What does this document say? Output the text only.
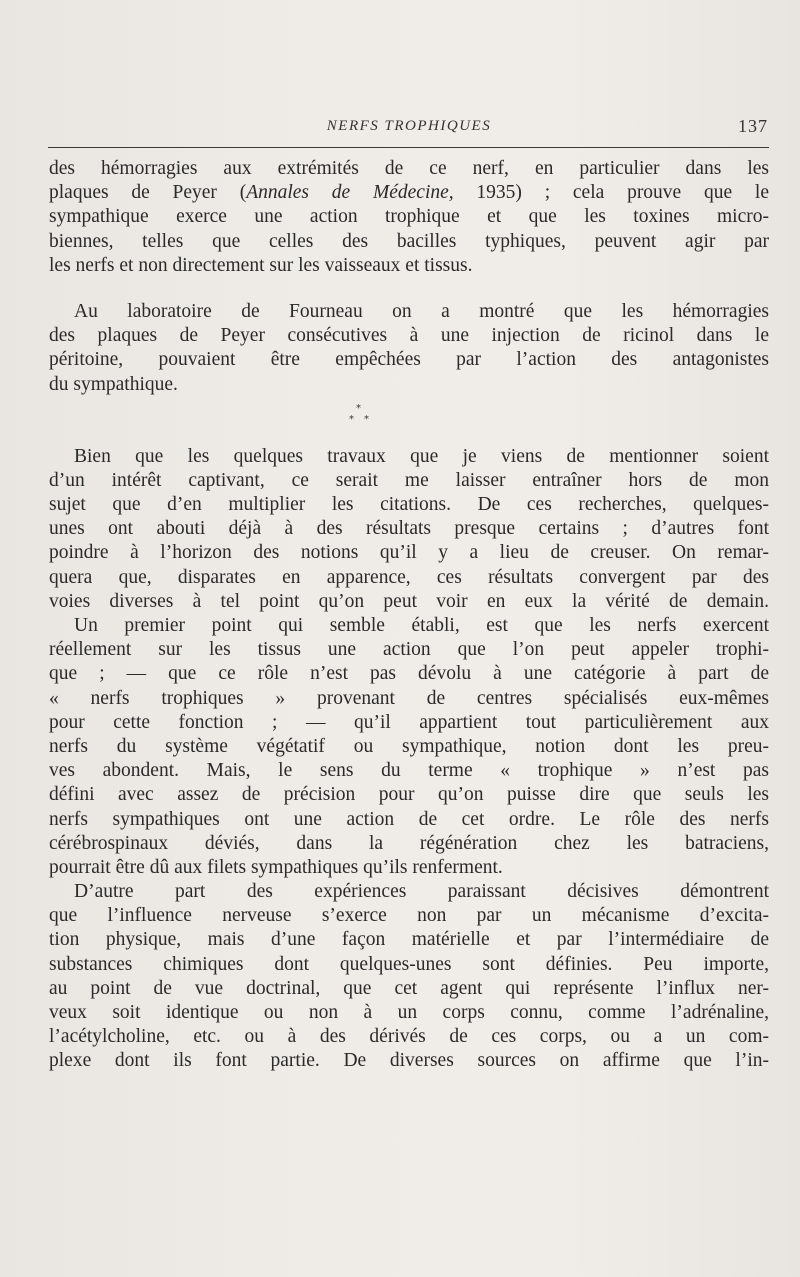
NERFS TROPHIQUES	137
des hémorragies aux extrémités de ce nerf, en particulier dans les
plaques de Peyer (Annales de Médecine, 1935) ; cela prouve que le
sympathique exerce une action trophique et que les toxines micro-
biennes, telles que celles des bacilles typhiques, peuvent agir par
les nerfs et non directement sur les vaisseaux et tissus.
Au laboratoire de Fourneau on a montré que les hémorragies
des plaques de Peyer consécutives à une injection de ricinol dans le
péritoine, pouvaient être empêchées par l’action des antagonistes
du sympathique.
*
* *
Bien que les quelques travaux que je viens de mentionner soient
d’un intérêt captivant, ce serait me laisser entraîner hors de mon
sujet que d’en multiplier les citations. De ces recherches, quelques-
unes ont abouti déjà à des résultats presque certains ; d’autres font
poindre à l’horizon des notions qu’il y a lieu de creuser. On remar-
quera que, disparates en apparence, ces résultats convergent par des
voies diverses à tel point qu’on peut voir en eux la vérité de demain.
Un premier point qui semble établi, est que les nerfs exercent
réellement sur les tissus une action que l’on peut appeler trophi-
que ; — que ce rôle n’est pas dévolu à une catégorie à part de
« nerfs trophiques » provenant de centres spécialisés eux-mêmes
pour cette fonction ; — qu’il appartient tout particulièrement aux
nerfs du système végétatif ou sympathique, notion dont les preu-
ves abondent. Mais, le sens du terme « trophique » n’est pas
défini avec assez de précision pour qu’on puisse dire que seuls les
nerfs sympathiques ont une action de cet ordre. Le rôle des nerfs
cérébrospinaux déviés, dans la régénération chez les batraciens,
pourrait être dû aux filets sympathiques qu’ils renferment.
D’autre part des expériences paraissant décisives démontrent
que l’influence nerveuse s’exerce non par un mécanisme d’excita-
tion physique, mais d’une façon matérielle et par l’intermédiaire de
substances chimiques dont quelques-unes sont définies. Peu importe,
au point de vue doctrinal, que cet agent qui représente l’influx ner-
veux soit identique ou non à un corps connu, comme l’adrénaline,
l’acétylcholine, etc. ou à des dérivés de ces corps, ou a un com-
plexe dont ils font partie. De diverses sources on affirme que l’in-
